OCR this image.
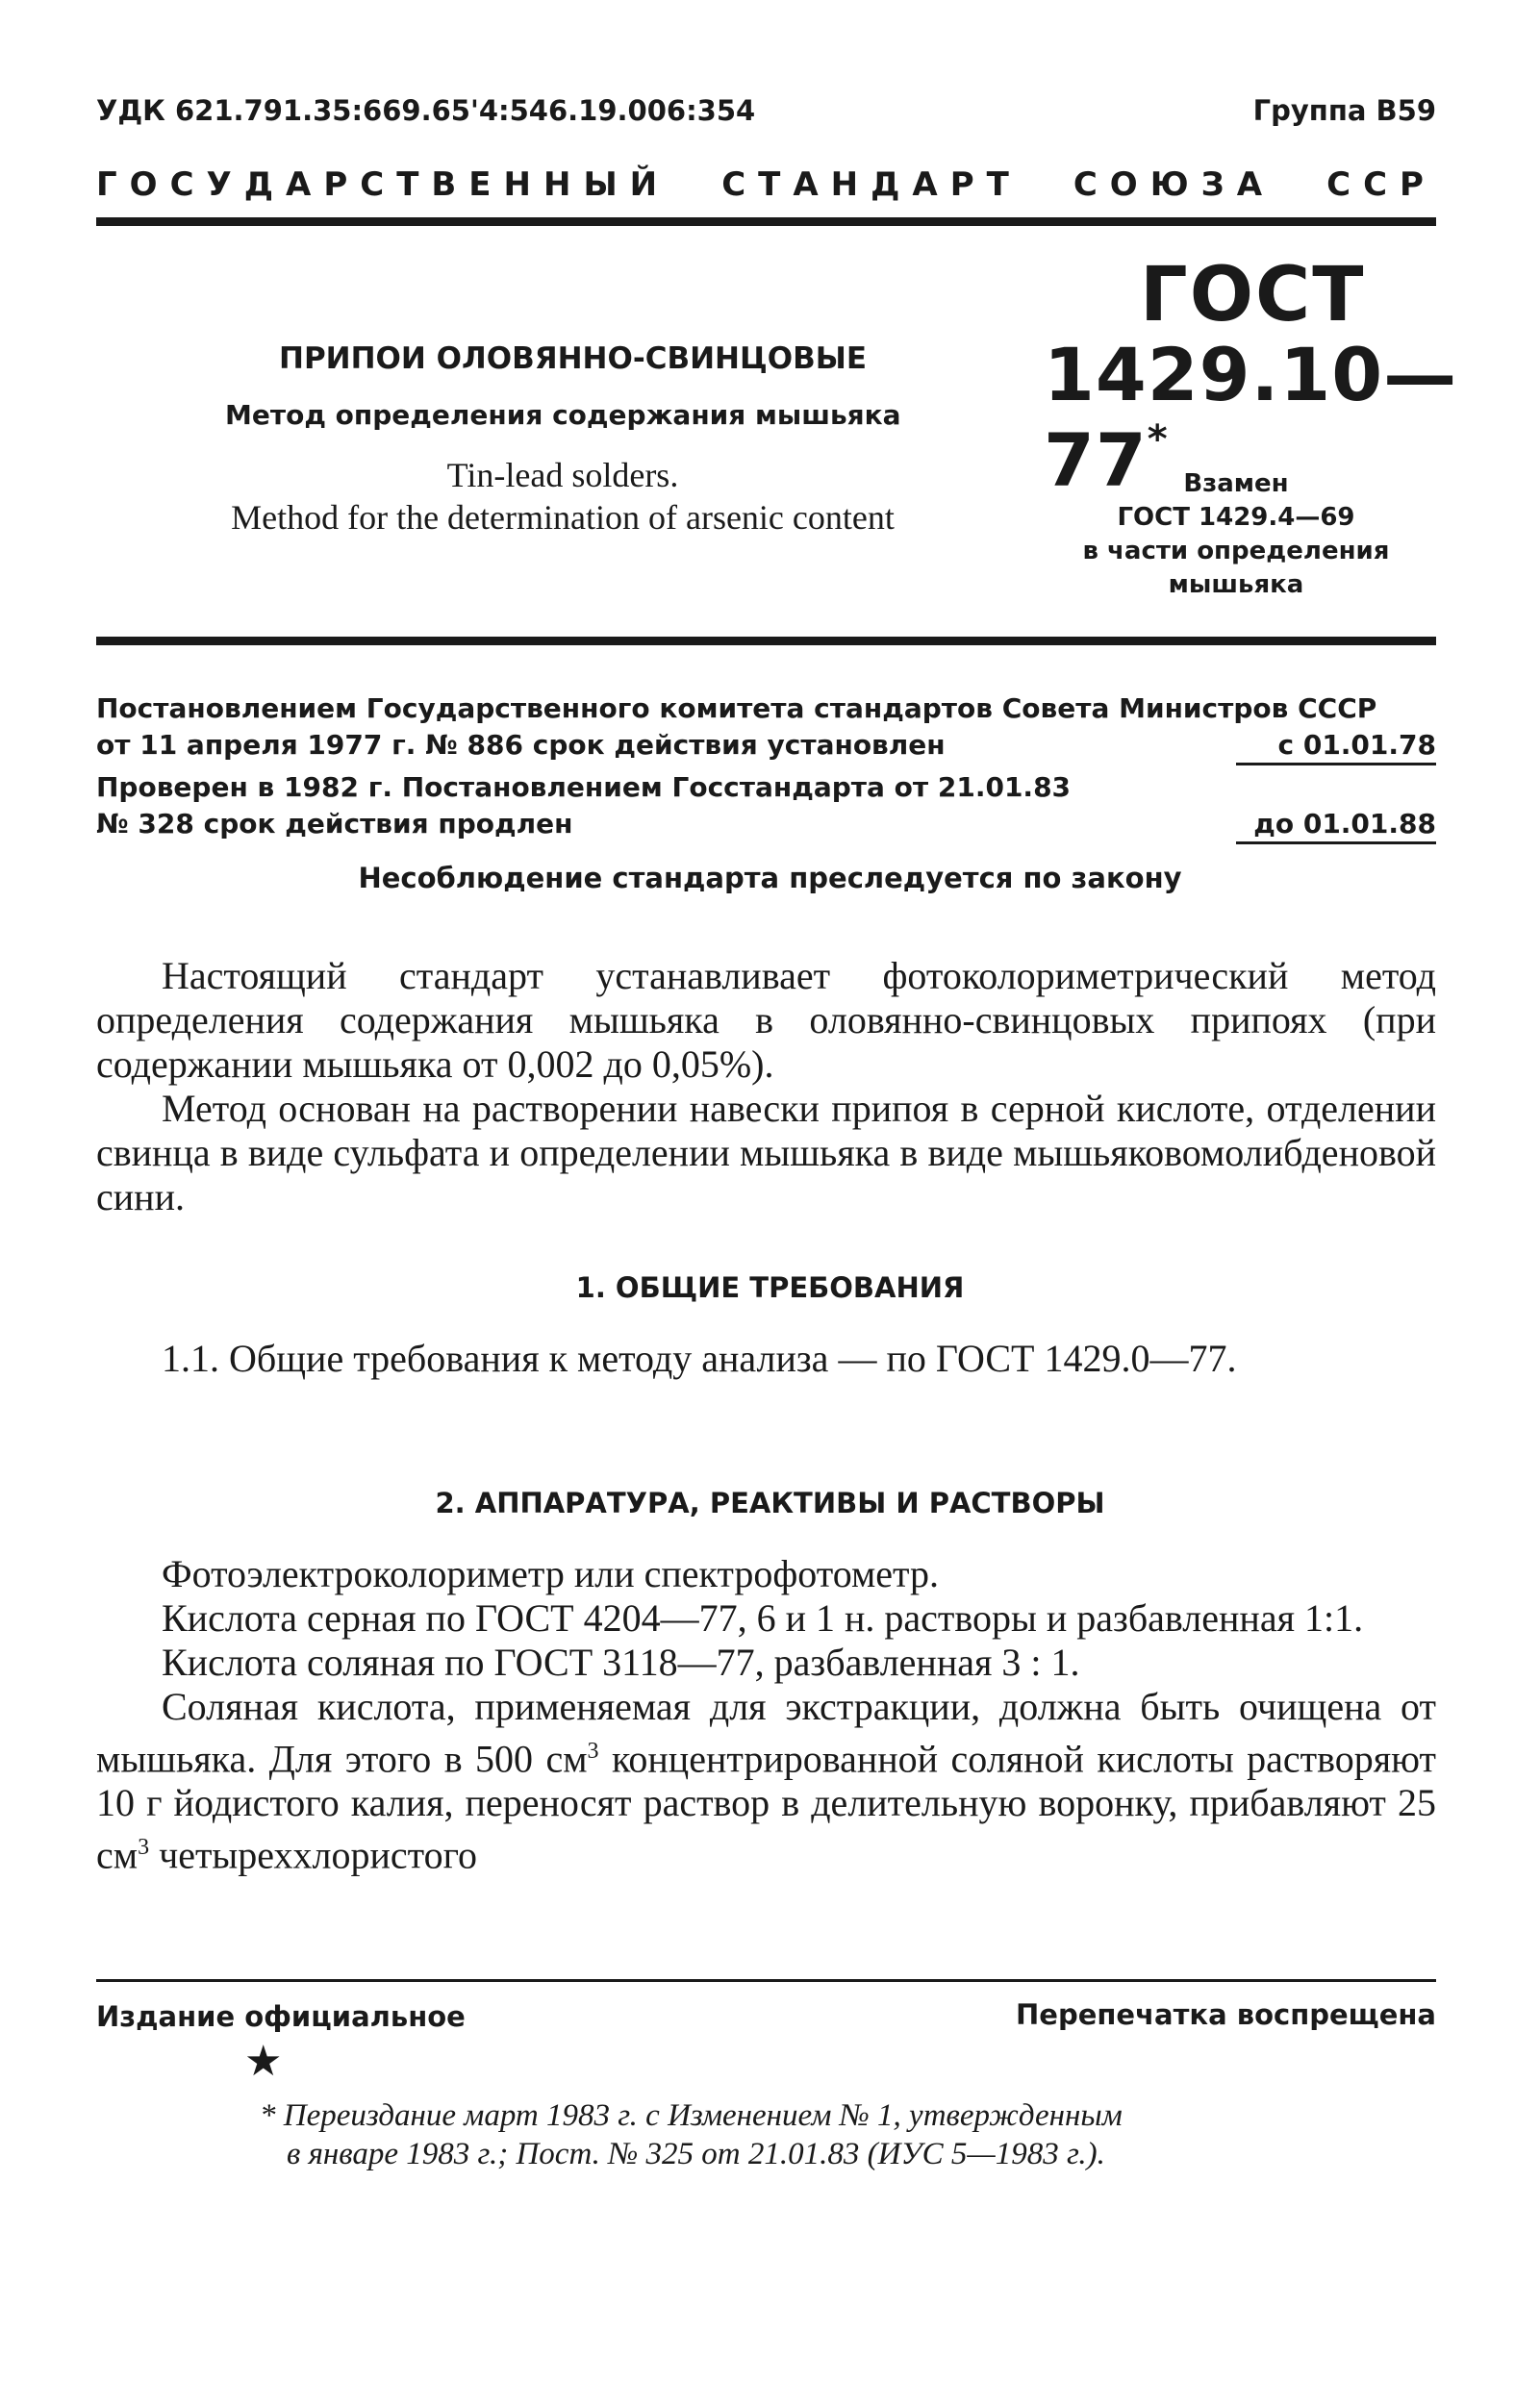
УДК 621.791.35:669.65'4:546.19.006:354	Группа В59
ГОСУДАРСТВЕННЫЙ СТАНДАРТ СОЮЗА ССР
ПРИПОИ ОЛОВЯННО-СВИНЦОВЫЕ
Метод определения содержания мышьяка
Tin-lead solders.
Method for the determination of arsenic content
ГОСТ
1429.10—77*
Взамен
ГОСТ 1429.4—69
в части определения
мышьяка
Постановлением Государственного комитета стандартов Совета Министров СССР
от 11 апреля 1977 г. № 886 срок действия установлен	с 01.01.78
Проверен в 1982 г. Постановлением Госстандарта от 21.01.83
№ 328 срок действия продлен	до 01.01.88
Несоблюдение стандарта преследуется по закону

Настоящий стандарт устанавливает фотоколориметрический метод определения содержания мышьяка в оловянно-свинцовых припоях (при содержании мышьяка от 0,002 до 0,05%).

Метод основан на растворении навески припоя в серной кислоте, отделении свинца в виде сульфата и определении мышьяка в виде мышьяковомолибденовой сини.

1. ОБЩИЕ ТРЕБОВАНИЯ

1.1. Общие требования к методу анализа — по ГОСТ 1429.0—77.

2. АППАРАТУРА, РЕАКТИВЫ И РАСТВОРЫ

Фотоэлектроколориметр или спектрофотометр.

Кислота серная по ГОСТ 4204—77, 6 и 1 н. растворы и разбавленная 1:1.

Кислота соляная по ГОСТ 3118—77, разбавленная 3 : 1.

Соляная кислота, применяемая для экстракции, должна быть очищена от мышьяка. Для этого в 500 $см^3$ концентрированной соляной кислоты растворяют 10 г йодистого калия, переносят раствор в делительную воронку, прибавляют 25 $см^3$ четыреххлористого

Издание официальное	Перепечатка воспрещена
★
* Переиздание март 1983 г. с Изменением № 1, утвержденным
в январе 1983 г.; Пост. № 325 от 21.01.83 (ИУС 5—1983 г.).
